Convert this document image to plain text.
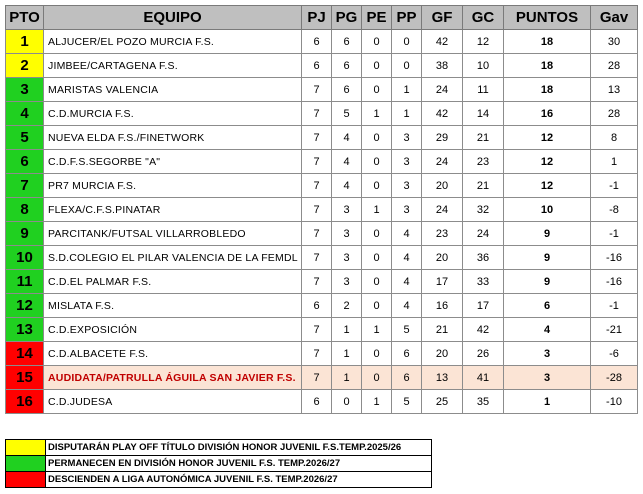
PTO	EQUIPO	PJ	PG	PE	PP	GF	GC	PUNTOS	Gav
1	ALJUCER/EL POZO MURCIA F.S.	6	6	0	0	42	12	18	30
2	JIMBEE/CARTAGENA F.S.	6	6	0	0	38	10	18	28
3	MARISTAS VALENCIA	7	6	0	1	24	11	18	13
4	C.D.MURCIA F.S.	7	5	1	1	42	14	16	28
5	NUEVA ELDA F.S./FINETWORK	7	4	0	3	29	21	12	8
6	C.D.F.S.SEGORBE "A"	7	4	0	3	24	23	12	1
7	PR7 MURCIA F.S.	7	4	0	3	20	21	12	-1
8	FLEXA/C.F.S.PINATAR	7	3	1	3	24	32	10	-8
9	PARCITANK/FUTSAL VILLARROBLEDO	7	3	0	4	23	24	9	-1
10	S.D.COLEGIO EL PILAR VALENCIA DE LA FEMDL	7	3	0	4	20	36	9	-16
11	C.D.EL PALMAR F.S.	7	3	0	4	17	33	9	-16
12	MISLATA F.S.	6	2	0	4	16	17	6	-1
13	C.D.EXPOSICIÓN	7	1	1	5	21	42	4	-21
14	C.D.ALBACETE F.S.	7	1	0	6	20	26	3	-6
15	AUDIDATA/PATRULLA ÁGUILA SAN JAVIER F.S.	7	1	0	6	13	41	3	-28
16	C.D.JUDESA	6	0	1	5	25	35	1	-10
	DISPUTARÁN PLAY OFF TÍTULO DIVISIÓN HONOR JUVENIL F.S.TEMP.2025/26
	PERMANECEN EN DIVISIÓN HONOR JUVENIL F.S. TEMP.2026/27
	DESCIENDEN A LIGA AUTONÓMICA JUVENIL F.S. TEMP.2026/27
